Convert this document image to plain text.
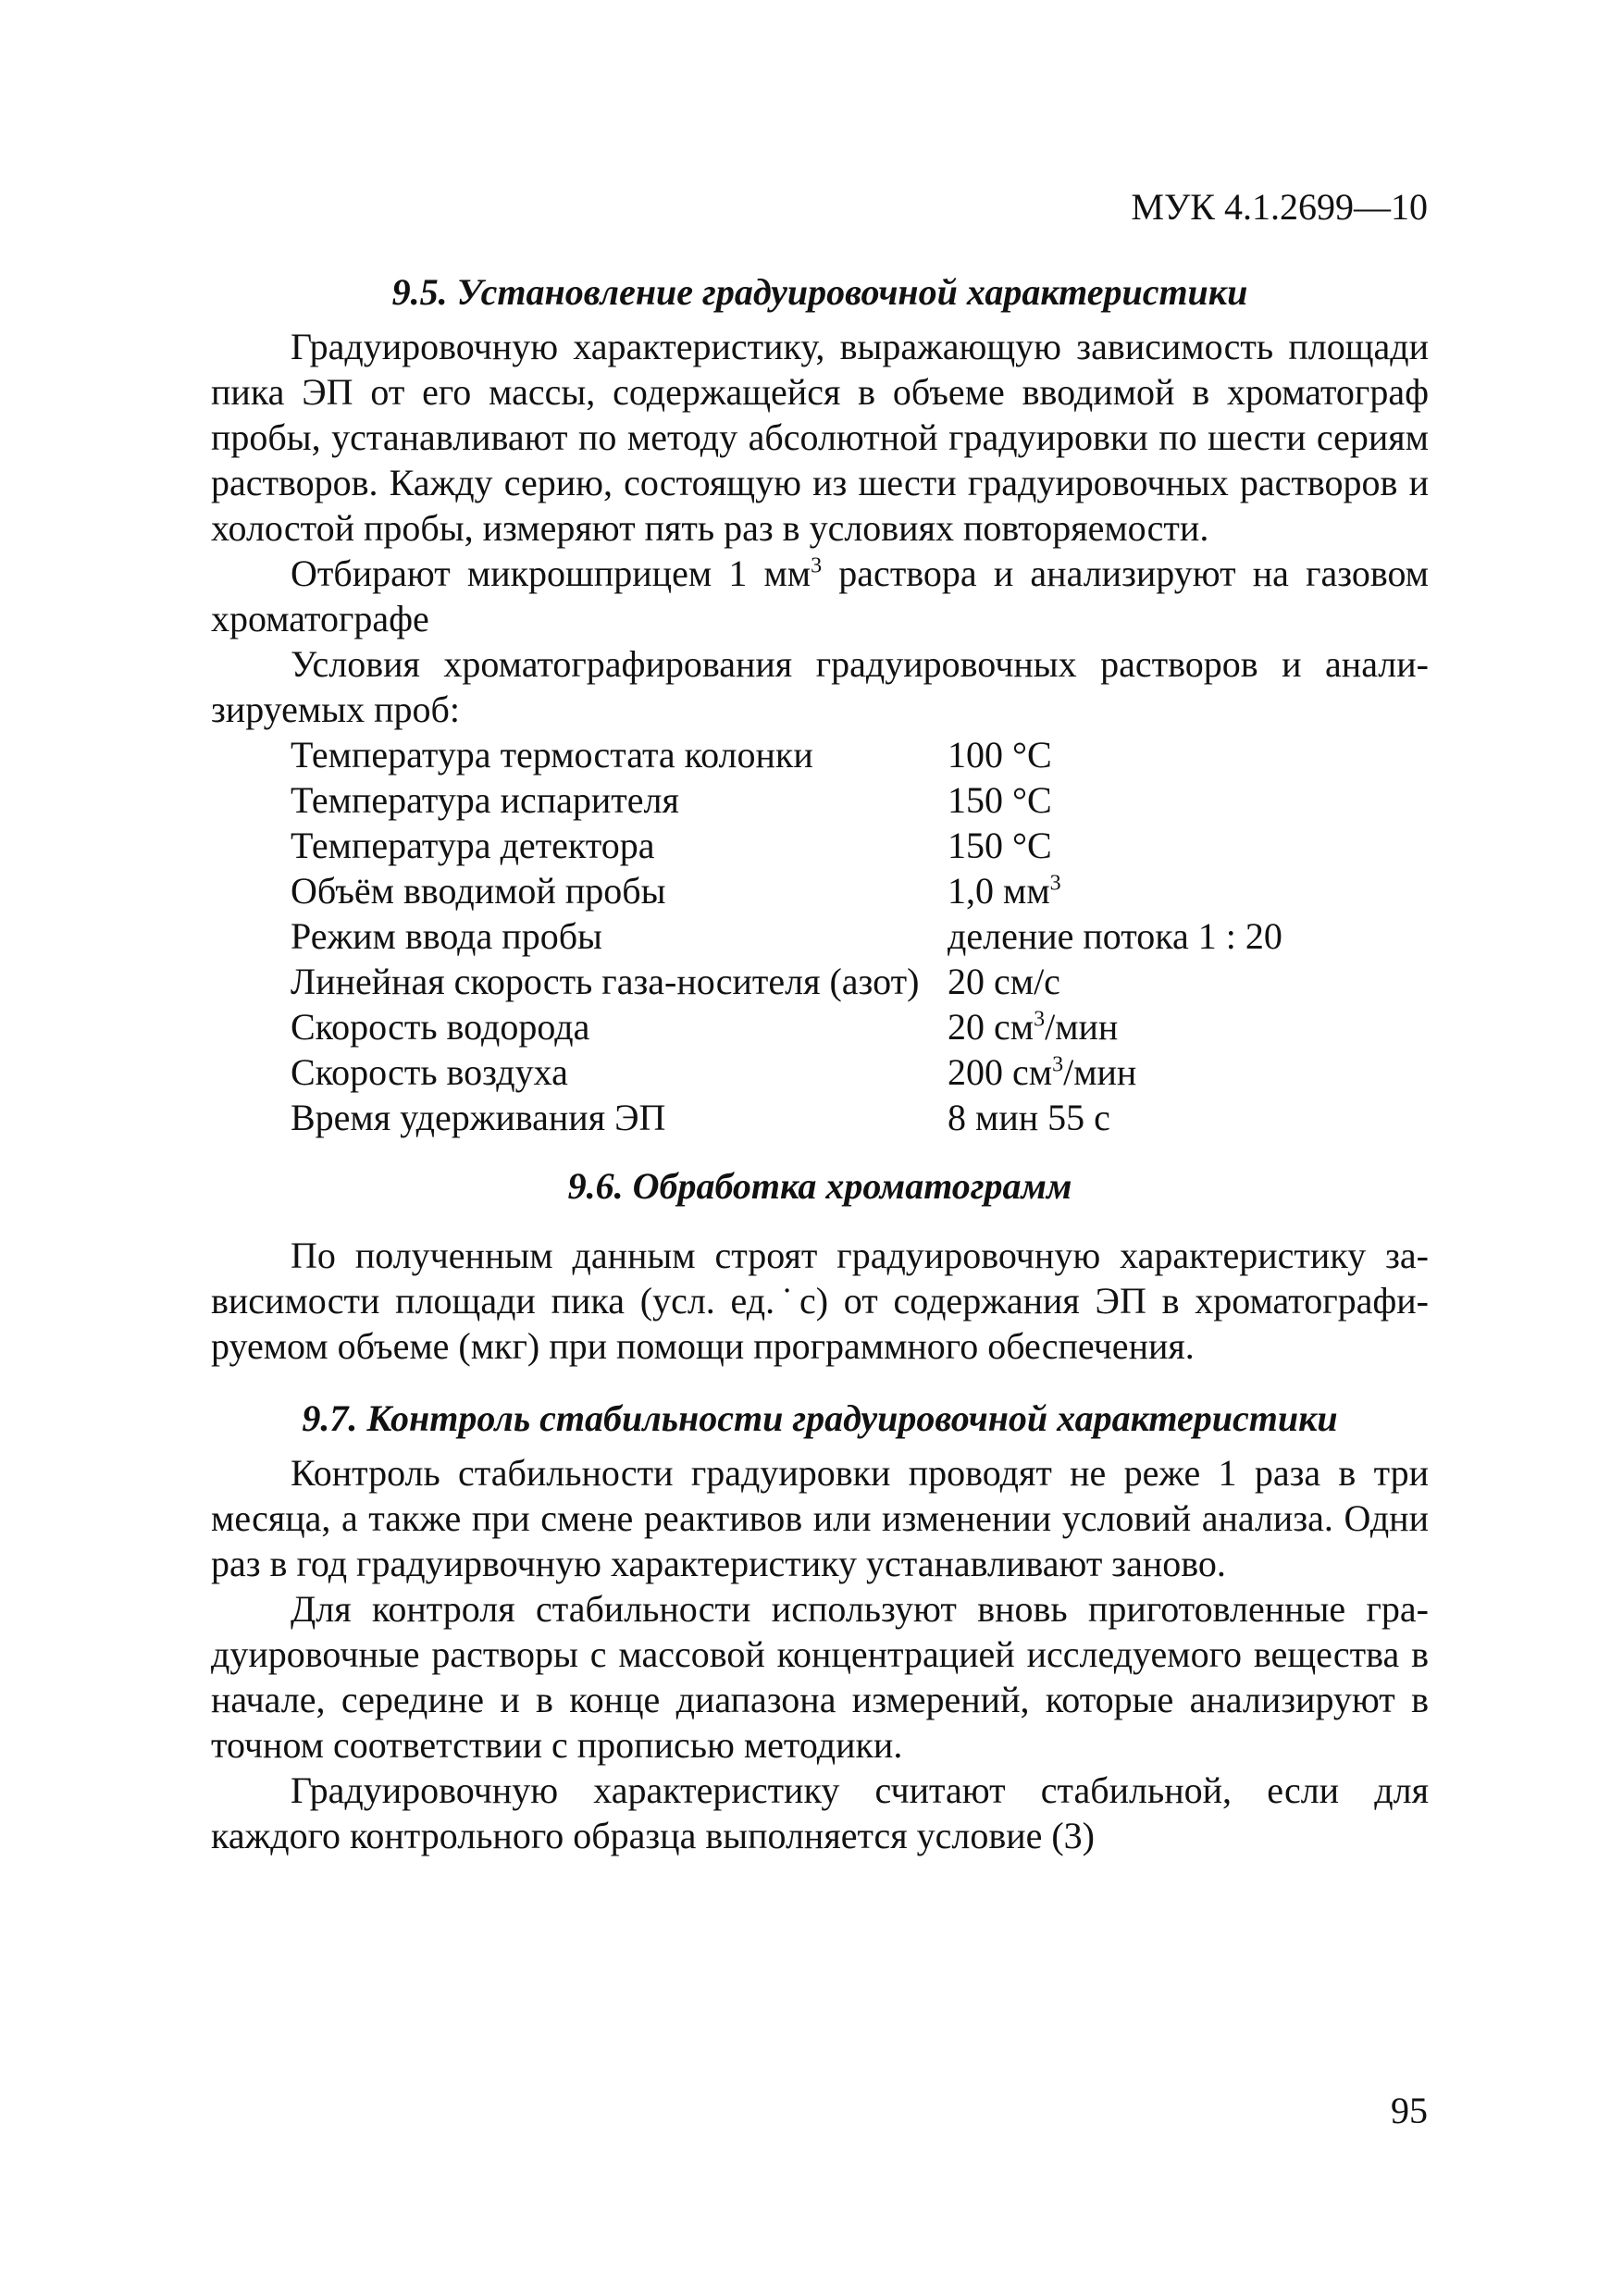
МУК 4.1.2699—10

9.5. Установление градуировочной характеристики

Градуировочную характеристику, выражающую зависимость площади пика ЭП от его массы, содержащейся в объеме вводимой в хроматограф пробы, устанавливают по методу абсолютной градуировки по шести сериям растворов. Кажду серию, состоящую из шести градуировочных растворов и холостой пробы, измеряют пять раз в условиях повторяемости.

Отбирают микрошприцем 1 $мм^3$ раствора и анализируют на газовом хроматографе

Условия хроматографирования градуировочных растворов и анализируемых проб:

Температура термостата колонки	100 °С
Температура испарителя	150 °С
Температура детектора	150 °С
Объём вводимой пробы	1,0 $мм^3$
Режим ввода пробы	деление потока 1 : 20
Линейная скорость газа-носителя (азот) 20 см/с
Скорость водорода	20 $см^3$/мин
Скорость воздуха	200 $см^3$/мин
Время удерживания ЭП	8 мин 55 с
9.6. Обработка хроматограмм

По полученным данным строят градуировочную характеристику зависимости площади пика (усл. ед.˙с) от содержания ЭП в хроматографируемом объеме (мкг) при помощи программного обеспечения.

9.7. Контроль стабильности градуировочной характеристики

Контроль стабильности градуировки проводят не реже 1 раза в три месяца, а также при смене реактивов или изменении условий анализа. Одни раз в год градуирвочную характеристику устанавливают заново.

Для контроля стабильности используют вновь приготовленные градуировочные растворы с массовой концентрацией исследуемого вещества в начале, середине и в конце диапазона измерений, которые анализируют в точном соответствии с прописью методики.

Градуировочную характеристику считают стабильной, если для каждого контрольного образца выполняется условие (3)

95
